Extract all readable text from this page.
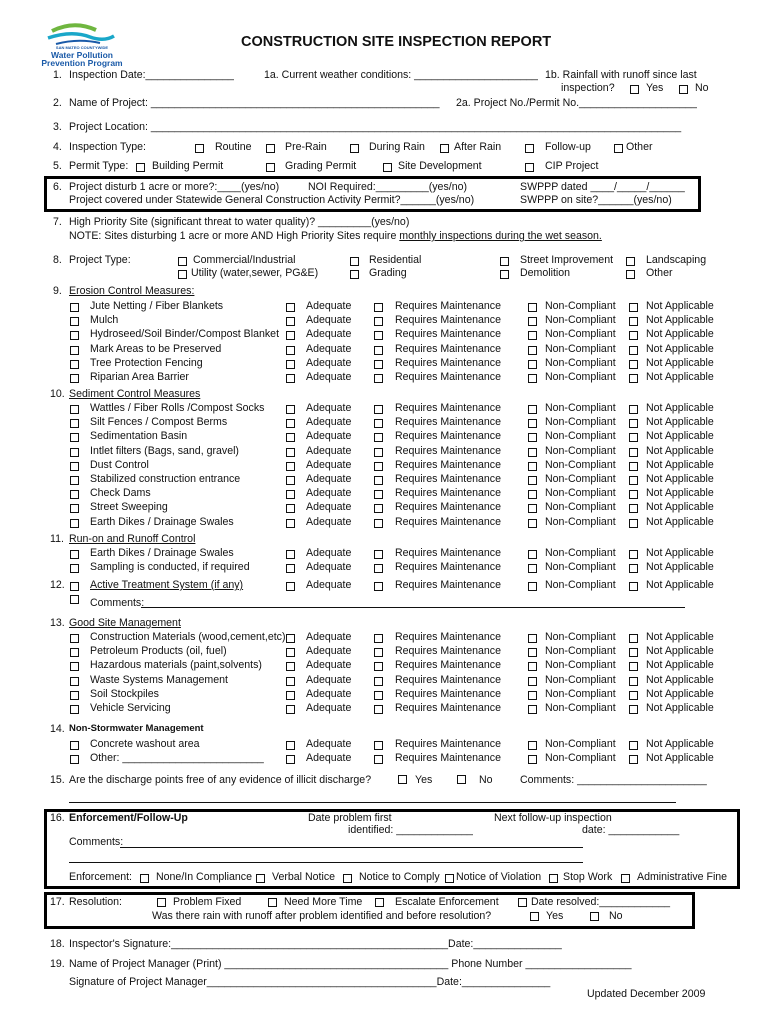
SAN MATEO COUNTYWIDE
Water Pollution
Prevention Program
CONSTRUCTION SITE INSPECTION REPORT
1. Inspection Date:_______________	1a. Current weather conditions: _____________________ 1b. Rainfall with runoff since last
inspection?	Yes	No
2. Name of Project: _________________________________________________ 2a. Project No./Permit No.____________________
3. Project Location: __________________________________________________________________________________________
4. Inspection Type:	Routine	Pre-Rain	During Rain	After Rain	Follow-up	Other
5. Permit Type: Building Permit	Grading Permit	Site Development	CIP Project
6. Project disturb 1 acre or more?:____(yes/no)	NOI Required:_________(yes/no)	SWPPP dated ____/_____/______
Project covered under Statewide General Construction Activity Permit?______(yes/no)	SWPPP on site?______(yes/no)
7. High Priority Site (significant threat to water quality)? _________(yes/no)
NOTE: Sites disturbing 1 acre or more AND High Priority Sites require monthly inspections during the wet season.
8. Project Type:	Commercial/Industrial	Residential	Street Improvement	Landscaping
Utility (water,sewer, PG&E)	Grading	Demolition	Other
9. Erosion Control Measures:
Jute Netting / Fiber Blankets	Adequate	Requires Maintenance	Non-Compliant	Not Applicable
Mulch	Adequate	Requires Maintenance	Non-Compliant	Not Applicable
Hydroseed/Soil Binder/Compost Blanket	Adequate	Requires Maintenance	Non-Compliant	Not Applicable
Mark Areas to be Preserved	Adequate	Requires Maintenance	Non-Compliant	Not Applicable
Tree Protection Fencing	Adequate	Requires Maintenance	Non-Compliant	Not Applicable
Riparian Area Barrier	Adequate	Requires Maintenance	Non-Compliant	Not Applicable
10. Sediment Control Measures
Wattles / Fiber Rolls /Compost Socks	Adequate	Requires Maintenance	Non-Compliant	Not Applicable
Silt Fences / Compost Berms	Adequate	Requires Maintenance	Non-Compliant	Not Applicable
Sedimentation Basin	Adequate	Requires Maintenance	Non-Compliant	Not Applicable
Intlet filters (Bags, sand, gravel)	Adequate	Requires Maintenance	Non-Compliant	Not Applicable
Dust Control	Adequate	Requires Maintenance	Non-Compliant	Not Applicable
Stabilized construction entrance	Adequate	Requires Maintenance	Non-Compliant	Not Applicable
Check Dams	Adequate	Requires Maintenance	Non-Compliant	Not Applicable
Street Sweeping	Adequate	Requires Maintenance	Non-Compliant	Not Applicable
Earth Dikes / Drainage Swales	Adequate	Requires Maintenance	Non-Compliant	Not Applicable
11. Run-on and Runoff Control
Earth Dikes / Drainage Swales	Adequate	Requires Maintenance	Non-Compliant	Not Applicable
Sampling is conducted, if required	Adequate	Requires Maintenance	Non-Compliant	Not Applicable
12. Active Treatment System (if any)	Adequate	Requires Maintenance	Non-Compliant	Not Applicable
Comments:
13. Good Site Management
Construction Materials (wood,cement,etc) Adequate	Requires Maintenance	Non-Compliant	Not Applicable
Petroleum Products (oil, fuel)	Adequate	Requires Maintenance	Non-Compliant	Not Applicable
Hazardous materials (paint,solvents)	Adequate	Requires Maintenance	Non-Compliant	Not Applicable
Waste Systems Management	Adequate	Requires Maintenance	Non-Compliant	Not Applicable
Soil Stockpiles	Adequate	Requires Maintenance	Non-Compliant	Not Applicable
Vehicle Servicing	Adequate	Requires Maintenance	Non-Compliant	Not Applicable
14. Non-Stormwater Management
Concrete washout area	Adequate	Requires Maintenance	Non-Compliant	Not Applicable
Other: ________________________	Adequate	Requires Maintenance	Non-Compliant	Not Applicable
15. Are the discharge points free of any evidence of illicit discharge?	Yes	No	Comments: ______________________
16. Enforcement/Follow-Up	Date problem first
identified: _____________
Next follow-up inspection
date: ____________
Comments:
Enforcement: None/In Compliance Verbal Notice Notice to Comply Notice of Violation Stop Work Administrative Fine
17. Resolution:	Problem Fixed	Need More Time	Escalate Enforcement	Date resolved:____________
Was there rain with runoff after problem identified and before resolution?	Yes	No
18. Inspector's Signature:_______________________________________________Date:_______________
19. Name of Project Manager (Print) ______________________________________ Phone Number __________________
Signature of Project Manager_______________________________________Date:_______________
Updated December 2009
